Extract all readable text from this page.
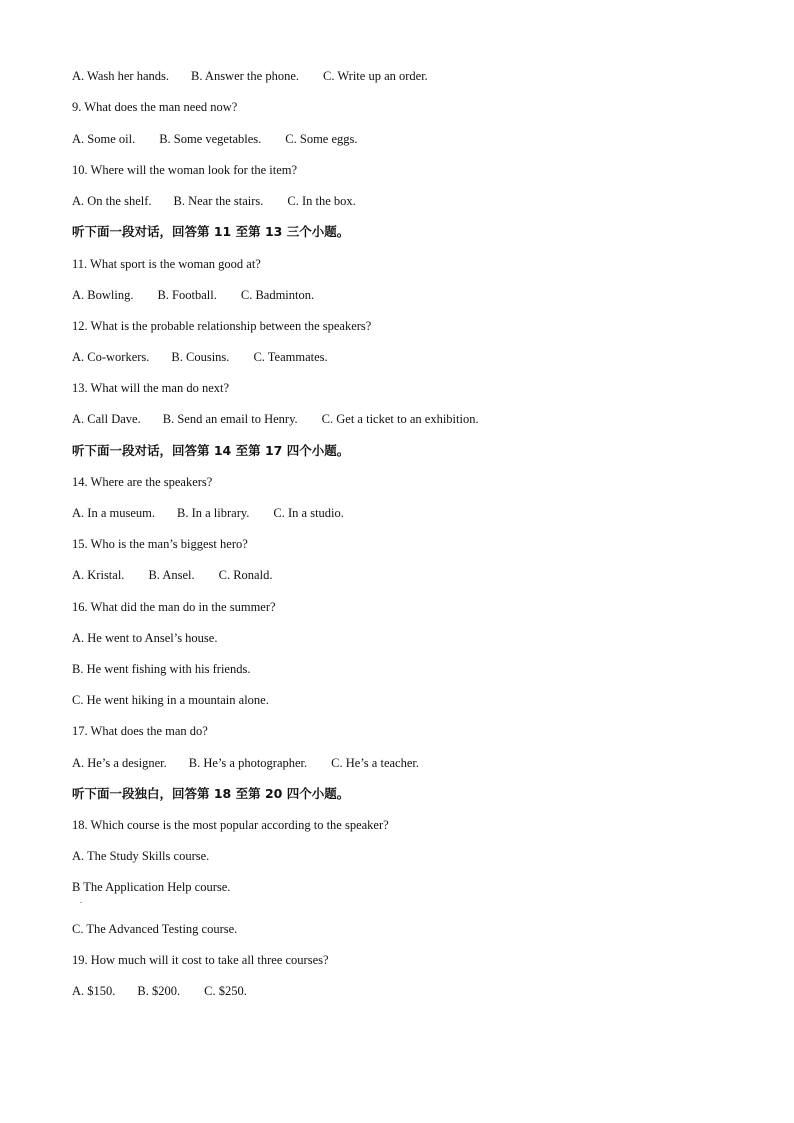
A. Wash her hands. B. Answer the phone. C. Write up an order.
9. What does the man need now?
A. Some oil. B. Some vegetables. C. Some eggs.
10. Where will the woman look for the item?
A. On the shelf. B. Near the stairs. C. In the box.
听下面一段对话，回答第 11 至第 13 三个小题。
11. What sport is the woman good at?
A. Bowling. B. Football. C. Badminton.
12. What is the probable relationship between the speakers?
A. Co-workers. B. Cousins. C. Teammates.
13. What will the man do next?
A. Call Dave. B. Send an email to Henry. C. Get a ticket to an exhibition.
听下面一段对话，回答第 14 至第 17 四个小题。
14. Where are the speakers?
A. In a museum. B. In a library. C. In a studio.
15. Who is the man’s biggest hero?
A. Kristal. B. Ansel. C. Ronald.
16. What did the man do in the summer?
A. He went to Ansel’s house.
B. He went fishing with his friends.
C. He went hiking in a mountain alone.
17. What does the man do?
A. He’s a designer. B. He’s a photographer. C. He’s a teacher.
听下面一段独白，回答第 18 至第 20 四个小题。
18. Which course is the most popular according to the speaker?
A. The Study Skills course.
B The Application Help course.
.
C. The Advanced Testing course.
19. How much will it cost to take all three courses?
A. $150. B. $200. C. $250.
